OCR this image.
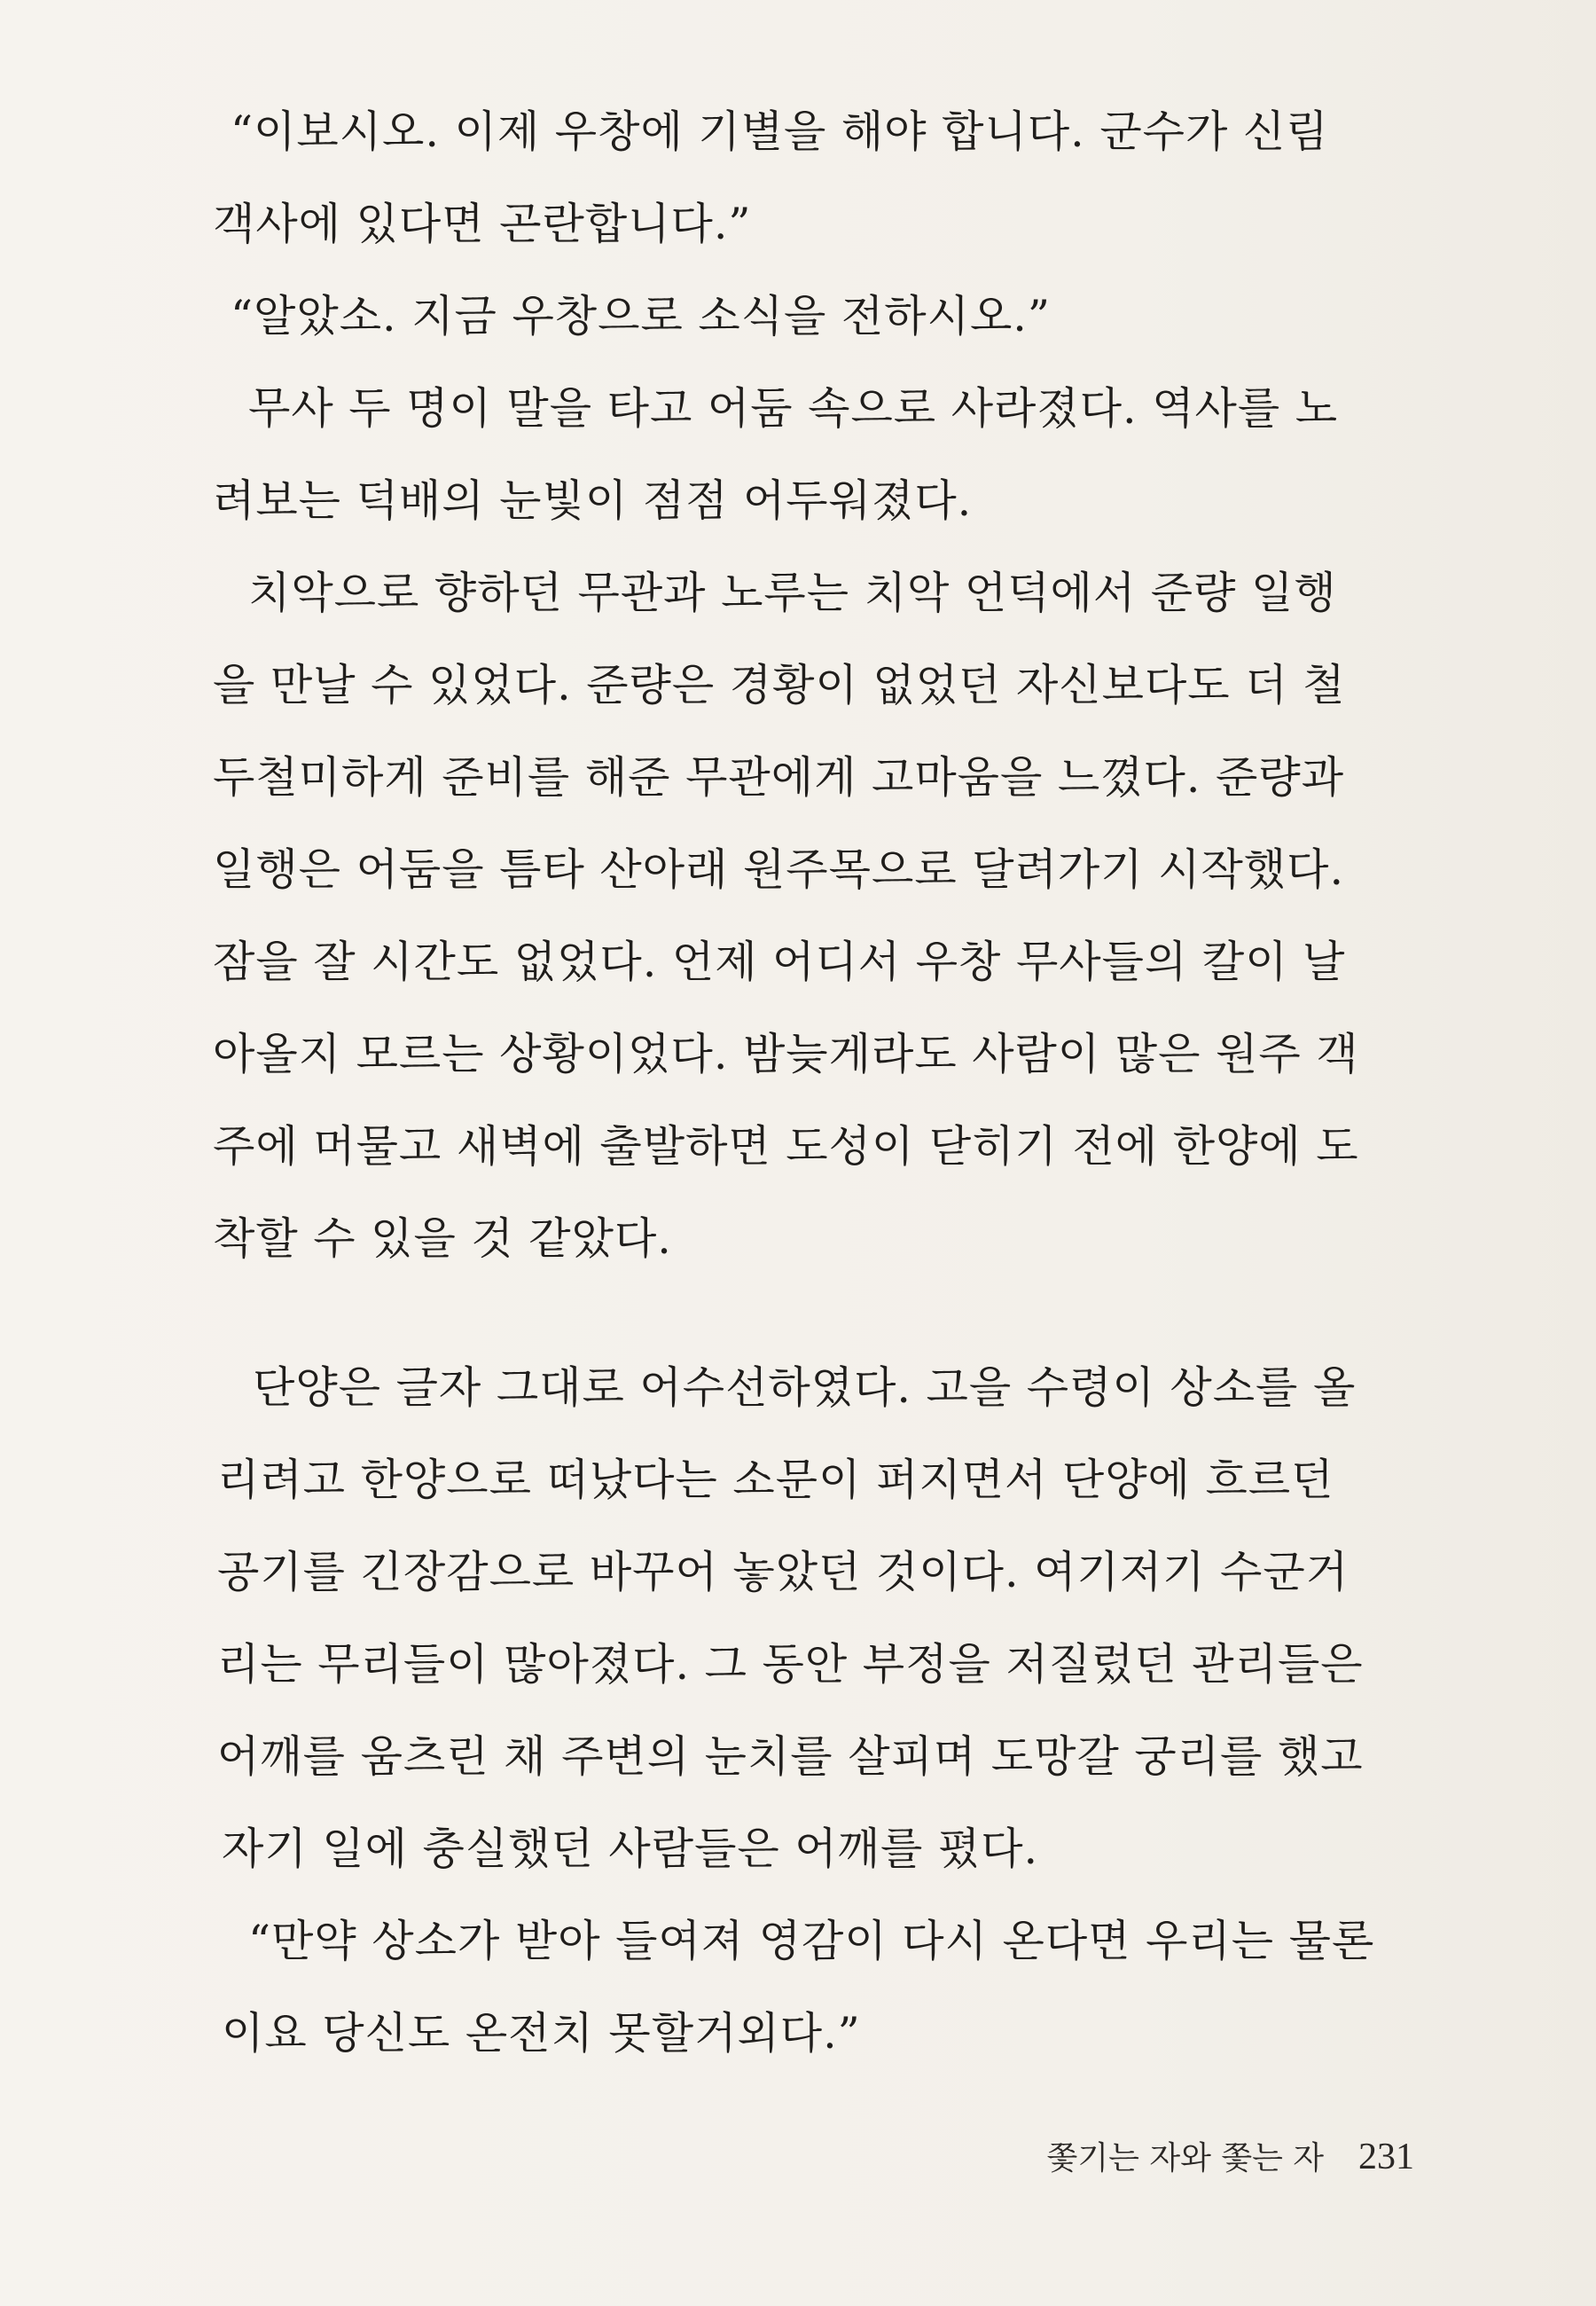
“이보시오. 이제 우창에 기별을 해야 합니다. 군수가 신림
객사에 있다면 곤란합니다.”
“알았소. 지금 우창으로 소식을 전하시오.”
무사 두 명이 말을 타고 어둠 속으로 사라졌다. 역사를 노
려보는 덕배의 눈빛이 점점 어두워졌다.
치악으로 향하던 무관과 노루는 치악 언덕에서 준량 일행
을 만날 수 있었다. 준량은 경황이 없었던 자신보다도 더 철
두철미하게 준비를 해준 무관에게 고마움을 느꼈다. 준량과
일행은 어둠을 틈타 산아래 원주목으로 달려가기 시작했다.
잠을 잘 시간도 없었다. 언제 어디서 우창 무사들의 칼이 날
아올지 모르는 상황이었다. 밤늦게라도 사람이 많은 원주 객
주에 머물고 새벽에 출발하면 도성이 닫히기 전에 한양에 도
착할 수 있을 것 같았다.
단양은 글자 그대로 어수선하였다. 고을 수령이 상소를 올
리려고 한양으로 떠났다는 소문이 퍼지면서 단양에 흐르던
공기를 긴장감으로 바꾸어 놓았던 것이다. 여기저기 수군거
리는 무리들이 많아졌다. 그 동안 부정을 저질렀던 관리들은
어깨를 움츠린 채 주변의 눈치를 살피며 도망갈 궁리를 했고
자기 일에 충실했던 사람들은 어깨를 폈다.
“만약 상소가 받아 들여져 영감이 다시 온다면 우리는 물론
이요 당신도 온전치 못할거외다.”
쫓기는 자와 쫓는 자 231
